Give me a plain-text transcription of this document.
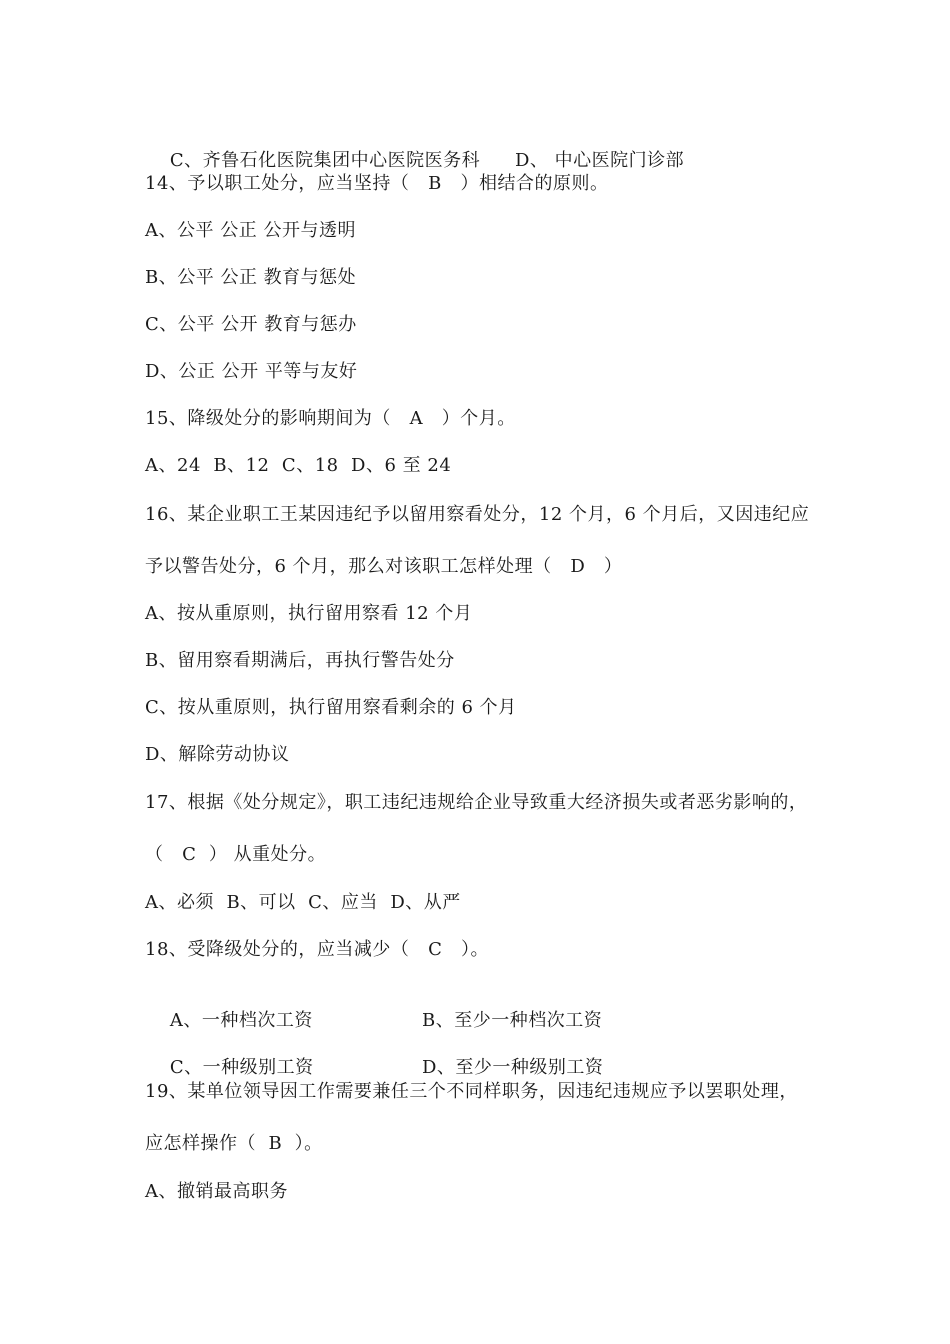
C、齐鲁石化医院集团中心医院医务科 D、 中心医院门诊部

14、予以职工处分，应当坚持（   B   ）相结合的原则。
A、公平 公正 公开与透明
B、公平 公正 教育与惩处
C、公平 公开 教育与惩办
D、公正 公开 平等与友好
15、降级处分的影响期间为（   A   ）个月。
A、24  B、12  C、18  D、6 至 24
16、某企业职工王某因违纪予以留用察看处分，12 个月，6 个月后，又因违纪应
予以警告处分，6 个月，那么对该职工怎样处理（   D   ）
A、按从重原则，执行留用察看 12 个月
B、留用察看期满后，再执行警告处分
C、按从重原则，执行留用察看剩余的 6 个月
D、解除劳动协议
17、根据《处分规定》，职工违纪违规给企业导致重大经济损失或者恶劣影响的，
（   C  ） 从重处分。
A、必须  B、可以  C、应当  D、从严
18、受降级处分的，应当减少（   C   ）。

A、一种档次工资	B、至少一种档次工资

C、一种级别工资	D、至少一种级别工资

19、某单位领导因工作需要兼任三个不同样职务，因违纪违规应予以罢职处理，
应怎样操作（  B  ）。
A、撤销最高职务
